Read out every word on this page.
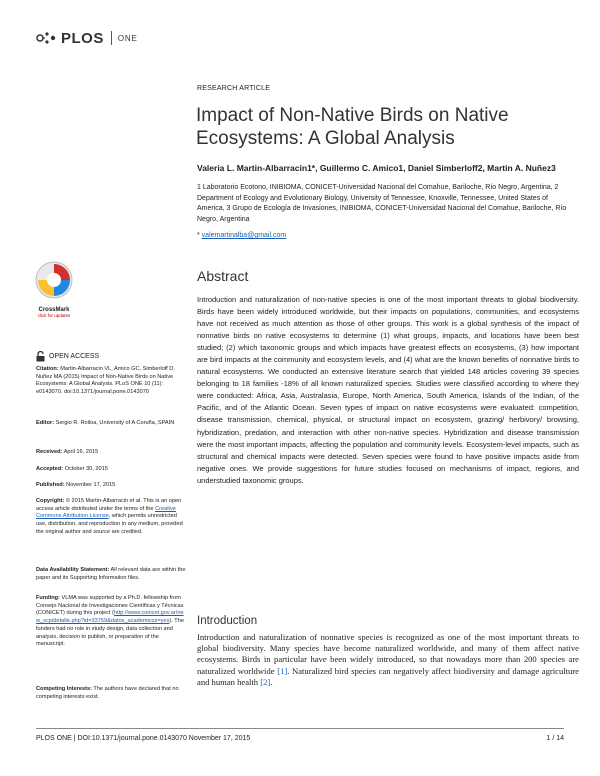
PLOS ONE
RESEARCH ARTICLE
Impact of Non-Native Birds on Native Ecosystems: A Global Analysis
Valeria L. Martin-Albarracin1*, Guillermo C. Amico1, Daniel Simberloff2, Martin A. Nuñez3
1 Laboratorio Ecotono, INIBIOMA, CONICET-Universidad Nacional del Comahue, Bariloche, Río Negro, Argentina, 2 Department of Ecology and Evolutionary Biology, University of Tennessee, Knoxville, Tennessee, United States of America, 3 Grupo de Ecología de Invasiones, INIBIOMA, CONICET-Universidad Nacional del Comahue, Bariloche, Río Negro, Argentina
* valemartinalba@gmail.com
CrossMark
click for updates
Abstract
Introduction and naturalization of non-native species is one of the most important threats to global biodiversity. Birds have been widely introduced worldwide, but their impacts on populations, communities, and ecosystems have not received as much attention as those of other groups. This work is a global synthesis of the impact of nonnative birds on native ecosystems to determine (1) what groups, impacts, and locations have been best studied; (2) which taxonomic groups and which impacts have greatest effects on ecosystems, (3) how important are bird impacts at the community and ecosystem levels, and (4) what are the known benefits of nonnative birds to natural ecosystems. We conducted an extensive literature search that yielded 148 articles covering 39 species belonging to 18 families -18% of all known naturalized species. Studies were classified according to where they were conducted: Africa, Asia, Australasia, Europe, North America, South America, Islands of the Indian, of the Pacific, and of the Atlantic Ocean. Seven types of impact on native ecosystems were evaluated: competition, disease transmission, chemical, physical, or structural impact on ecosystem, grazing/ herbivory/ browsing, hybridization, predation, and interaction with other non-native species. Hybridization and disease transmission were the most important impacts, affecting the population and community levels. Ecosystem-level impacts, such as structural and chemical impacts were detected. Seven species were found to have positive impacts aside from negative ones. We provide suggestions for future studies focused on mechanisms of impact, regions, and understudied taxonomic groups.
OPEN ACCESS
Citation: Martin-Albarracin VL, Amico GC, Simberloff D, Nuñez MA (2015) Impact of Non-Native Birds on Native Ecosystems: A Global Analysis. PLoS ONE 10 (11): e0143070. doi:10.1371/journal.pone.0143070
Editor: Sergio R. Roiloa, University of A Coruña, SPAIN
Received: April 16, 2015
Accepted: October 30, 2015
Published: November 17, 2015
Copyright: © 2015 Martin-Albarracin et al. This is an open access article distributed under the terms of the Creative Commons Attribution License, which permits unrestricted use, distribution, and reproduction in any medium, provided the original author and source are credited.
Data Availability Statement: All relevant data are within the paper and its Supporting Information files.
Funding: VLMA was supported by a Ph.D. fellowship from Consejo Nacional de Investigaciones Científicas y Técnicas (CONICET) during this project (http://www.conicet.gov.ar/new_scp/detalle.php?id=33759&datos_academicos=yes). The funders had no role in study design, data collection and analysis, decision to publish, or preparation of the manuscript.
Competing Interests: The authors have declared that no competing interests exist.
Introduction
Introduction and naturalization of nonnative species is recognized as one of the most important threats to global biodiversity. Many species have become naturalized worldwide, and many of them affect native ecosystems. Birds in particular have been widely introduced, so that nowadays more than 200 species are naturalized worldwide [1]. Naturalized bird species can negatively affect biodiversity and damage agriculture and human health [2].
PLOS ONE | DOI:10.1371/journal.pone.0143070 November 17, 2015	1 / 14
